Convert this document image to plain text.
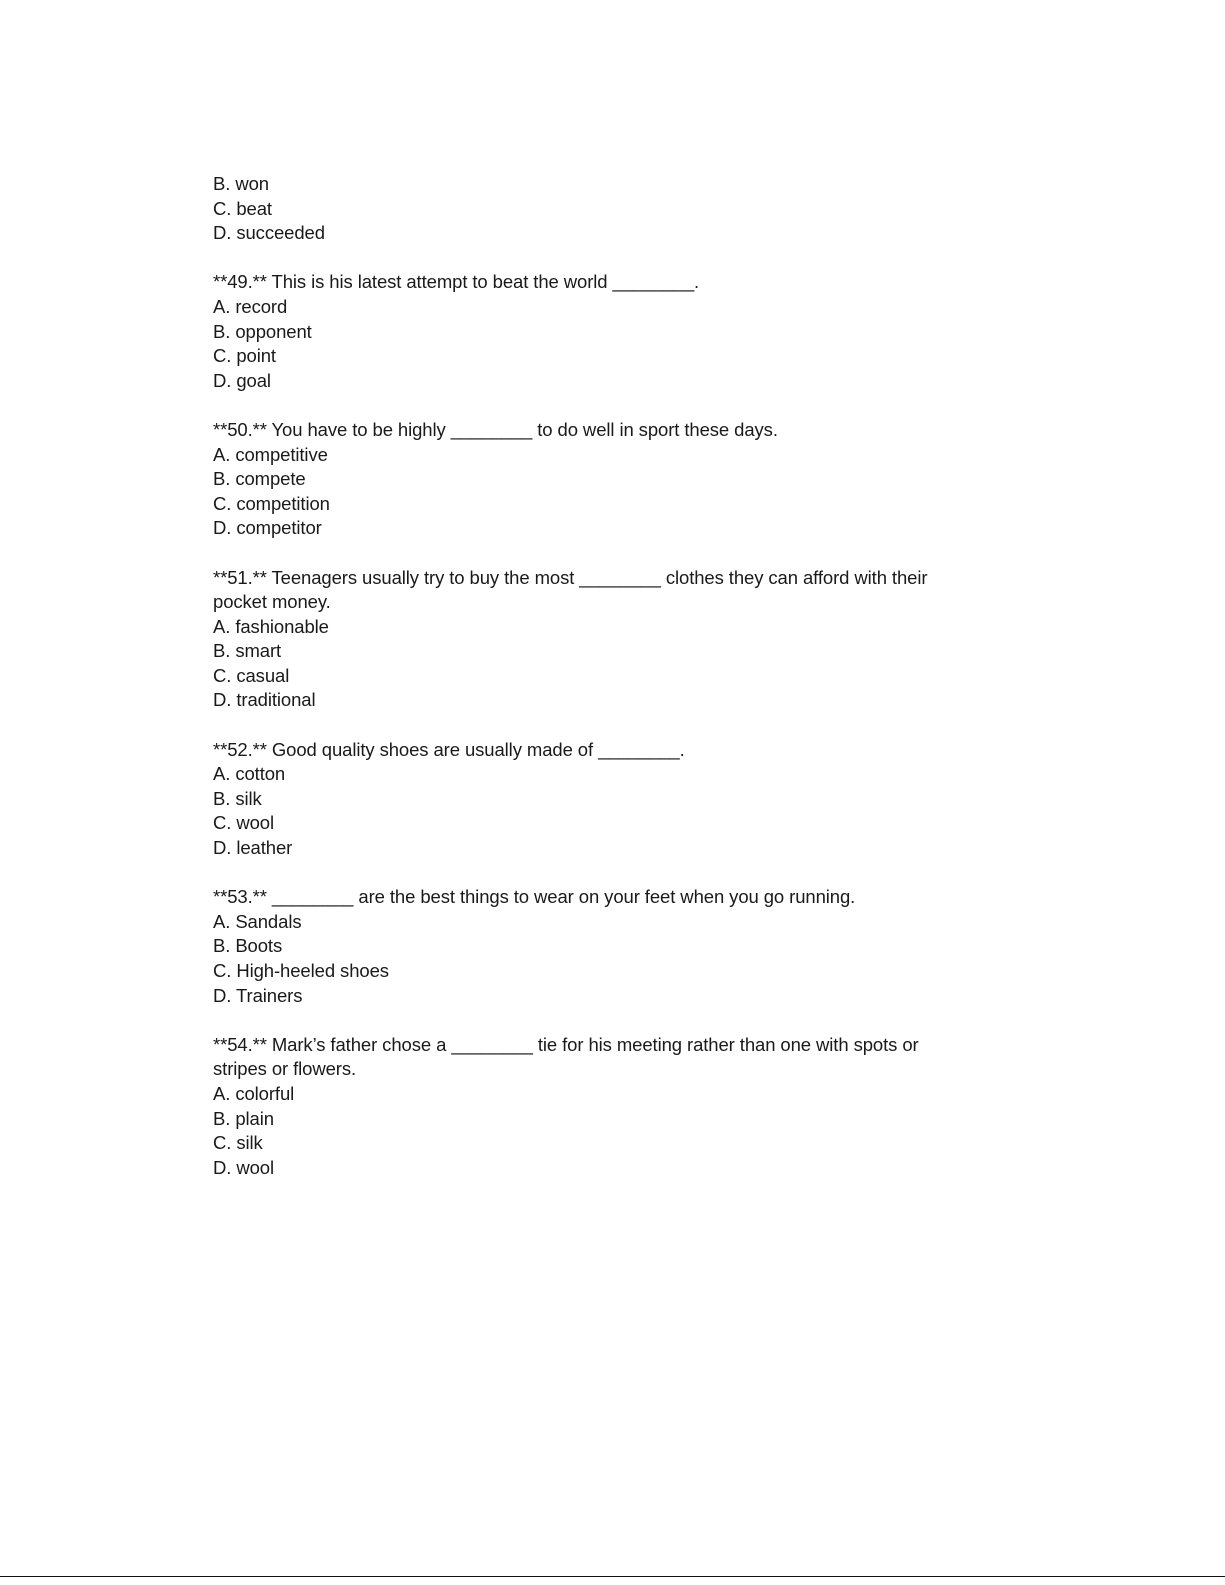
B. won
C. beat
D. succeeded
**49.** This is his latest attempt to beat the world ________.
A. record
B. opponent
C. point
D. goal
**50.** You have to be highly ________ to do well in sport these days.
A. competitive
B. compete
C. competition
D. competitor
**51.** Teenagers usually try to buy the most ________ clothes they can afford with their
pocket money.
A. fashionable
B. smart
C. casual
D. traditional
**52.** Good quality shoes are usually made of ________.
A. cotton
B. silk
C. wool
D. leather
**53.** ________ are the best things to wear on your feet when you go running.
A. Sandals
B. Boots
C. High-heeled shoes
D. Trainers
**54.** Mark’s father chose a ________ tie for his meeting rather than one with spots or
stripes or flowers.
A. colorful
B. plain
C. silk
D. wool
